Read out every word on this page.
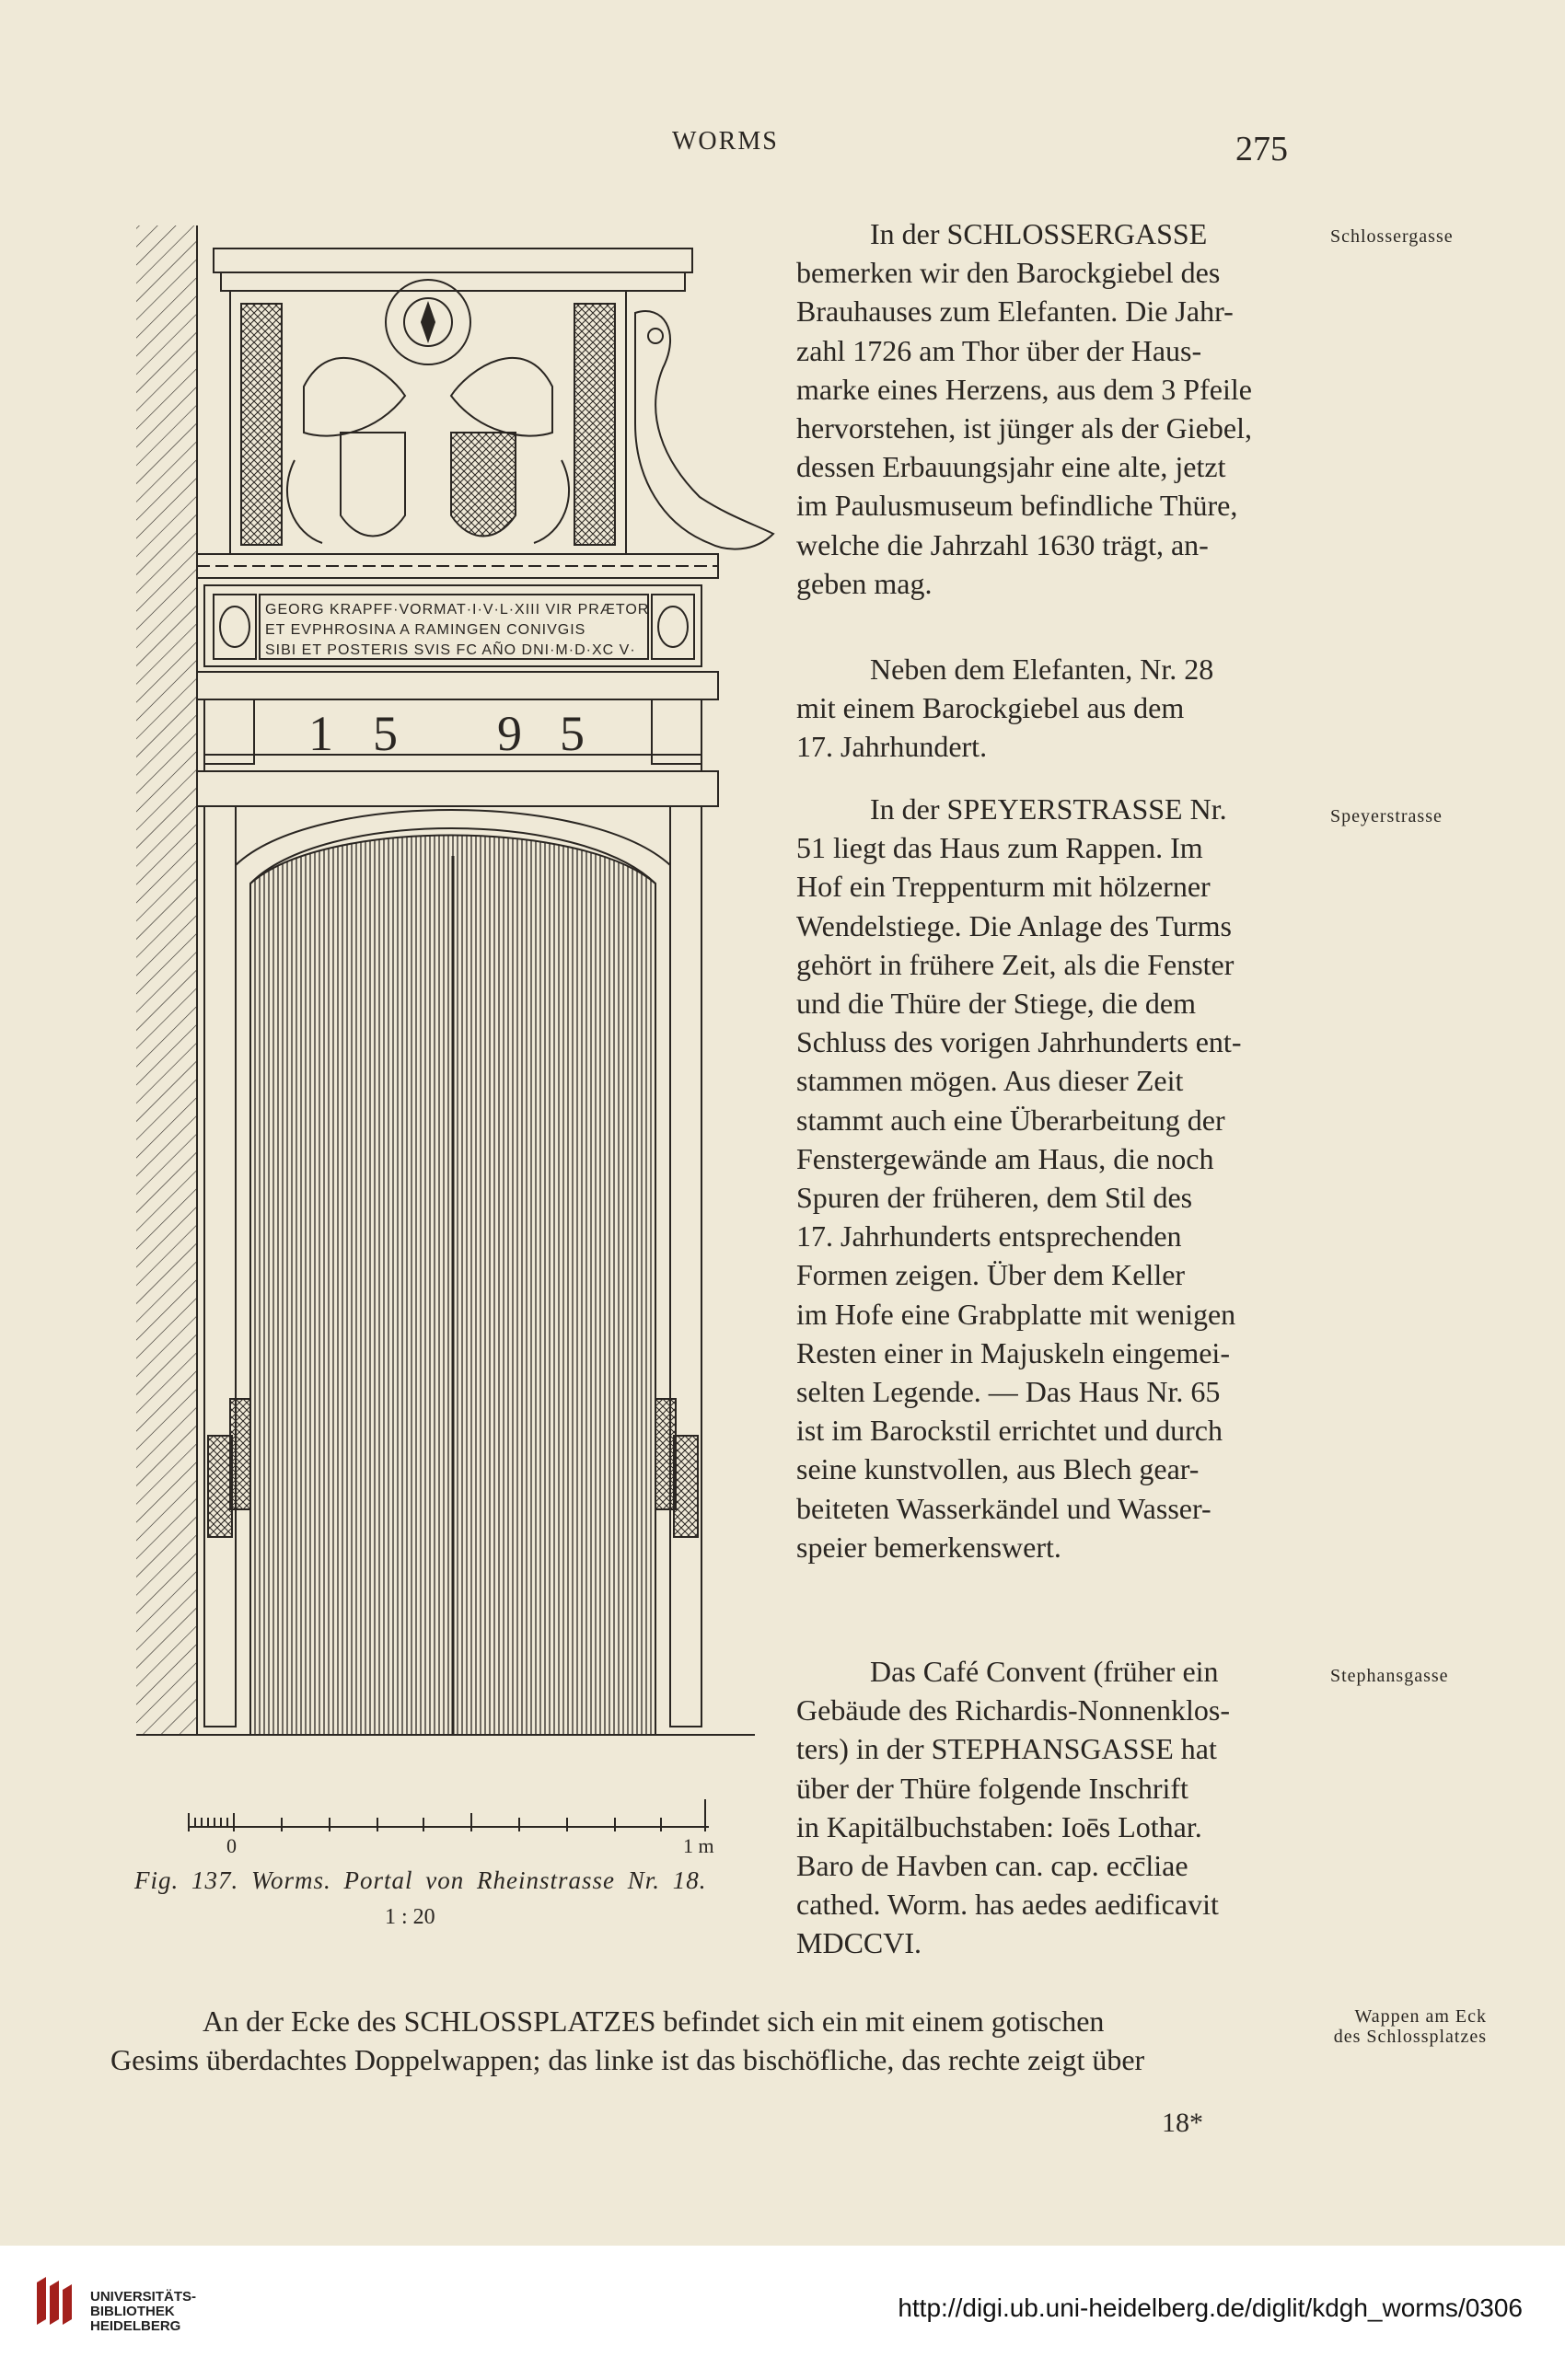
WORMS	275
GEORG KRAPFF·VORMAT·I·V·L·XIII VIR PRÆTOR
ET EVPHROSINA A RAMINGEN CONIVGIS
SIBI ET POSTERIS SVIS FC AÑO DNI·M·D·XC V·
1 5 9 5
0	1 m
Fig. 137. Worms. Portal von Rheinstrasse Nr. 18.
1 : 20

In der SCHLOSSERGASSE
bemerken wir den Barockgiebel des
Brauhauses zum Elefanten. Die Jahr-
zahl 1726 am Thor über der Haus-
marke eines Herzens, aus dem 3 Pfeile
hervorstehen, ist jünger als der Giebel,
dessen Erbauungsjahr eine alte, jetzt
im Paulusmuseum befindliche Thüre,
welche die Jahrzahl 1630 trägt, an-
geben mag.

Neben dem Elefanten, Nr. 28
mit einem Barockgiebel aus dem
17. Jahrhundert.

In der SPEYERSTRASSE Nr.
51 liegt das Haus zum Rappen. Im
Hof ein Treppenturm mit hölzerner
Wendelstiege. Die Anlage des Turms
gehört in frühere Zeit, als die Fenster
und die Thüre der Stiege, die dem
Schluss des vorigen Jahrhunderts ent-
stammen mögen. Aus dieser Zeit
stammt auch eine Überarbeitung der
Fenstergewände am Haus, die noch
Spuren der früheren, dem Stil des
17. Jahrhunderts entsprechenden
Formen zeigen. Über dem Keller
im Hofe eine Grabplatte mit wenigen
Resten einer in Majuskeln eingemei-
selten Legende. — Das Haus Nr. 65
ist im Barockstil errichtet und durch
seine kunstvollen, aus Blech gear-
beiteten Wasserkändel und Wasser-
speier bemerkenswert.

Das Café Convent (früher ein
Gebäude des Richardis-Nonnenklos-
ters) in der STEPHANSGASSE hat
über der Thüre folgende Inschrift
in Kapitälbuchstaben: Ioēs Lothar.
Baro de Havben can. cap. ecc̄liae
cathed. Worm. has aedes aedificavit
MDCCVI.

Schlossergasse
Speyerstrasse
Stephansgasse
Wappen am Eck
des Schlossplatzes
An der Ecke des SCHLOSSPLATZES befindet sich ein mit einem gotischen
Gesims überdachtes Doppelwappen; das linke ist das bischöfliche, das rechte zeigt über
18*
UNIVERSITÄTS-
BIBLIOTHEK
HEIDELBERG
http://digi.ub.uni-heidelberg.de/diglit/kdgh_worms/0306
